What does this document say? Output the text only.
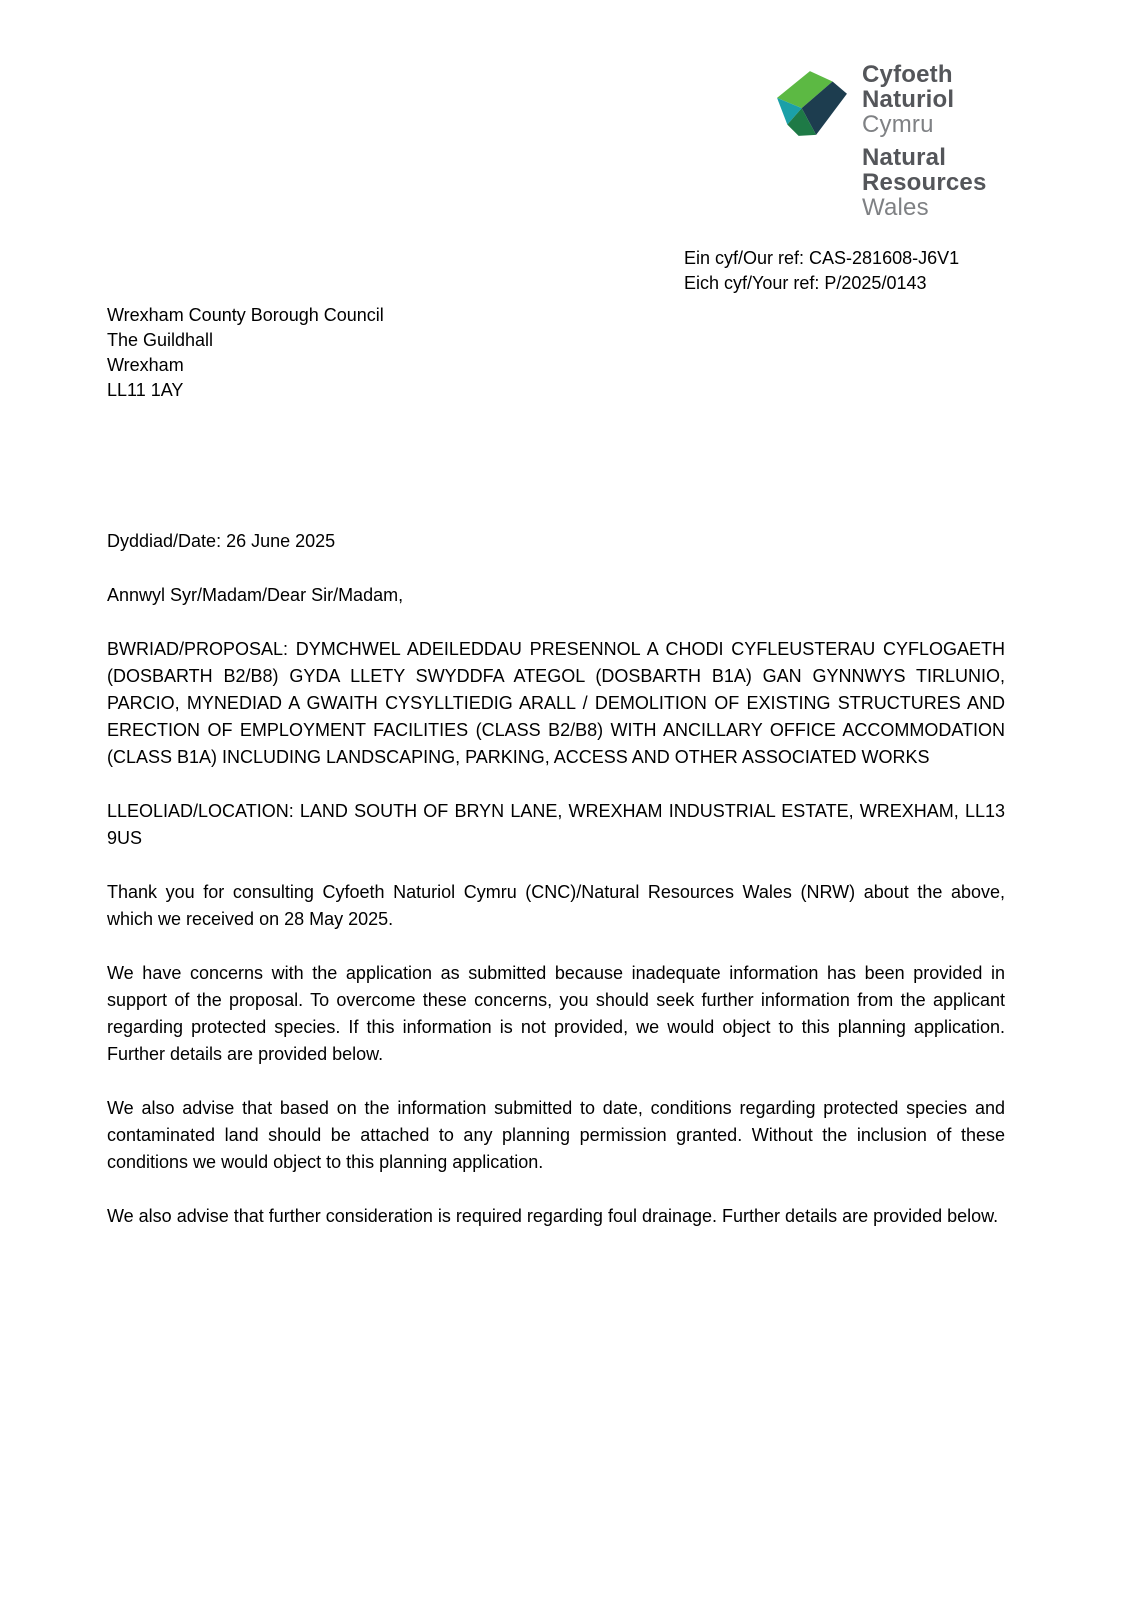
Cyfoeth
Naturiol
Cymru
Natural
Resources
Wales
Ein cyf/Our ref: CAS-281608-J6V1
Eich cyf/Your ref: P/2025/0143
Wrexham County Borough Council
The Guildhall
Wrexham
LL11 1AY

Dyddiad/Date: 26 June 2025

Annwyl Syr/Madam/Dear Sir/Madam,

BWRIAD/PROPOSAL: DYMCHWEL ADEILEDDAU PRESENNOL A CHODI CYFLEUSTERAU CYFLOGAETH (DOSBARTH B2/B8) GYDA LLETY SWYDDFA ATEGOL (DOSBARTH B1A) GAN GYNNWYS TIRLUNIO, PARCIO, MYNEDIAD A GWAITH CYSYLLTIEDIG ARALL / DEMOLITION OF EXISTING STRUCTURES AND ERECTION OF EMPLOYMENT FACILITIES (CLASS B2/B8) WITH ANCILLARY OFFICE ACCOMMODATION (CLASS B1A) INCLUDING LANDSCAPING, PARKING, ACCESS AND OTHER ASSOCIATED WORKS

LLEOLIAD/LOCATION: LAND SOUTH OF BRYN LANE, WREXHAM INDUSTRIAL ESTATE, WREXHAM, LL13 9US

Thank you for consulting Cyfoeth Naturiol Cymru (CNC)/Natural Resources Wales (NRW) about the above, which we received on 28 May 2025.

We have concerns with the application as submitted because inadequate information has been provided in support of the proposal. To overcome these concerns, you should seek further information from the applicant regarding protected species. If this information is not provided, we would object to this planning application. Further details are provided below.

We also advise that based on the information submitted to date, conditions regarding protected species and contaminated land should be attached to any planning permission granted. Without the inclusion of these conditions we would object to this planning application.

We also advise that further consideration is required regarding foul drainage. Further details are provided below.
